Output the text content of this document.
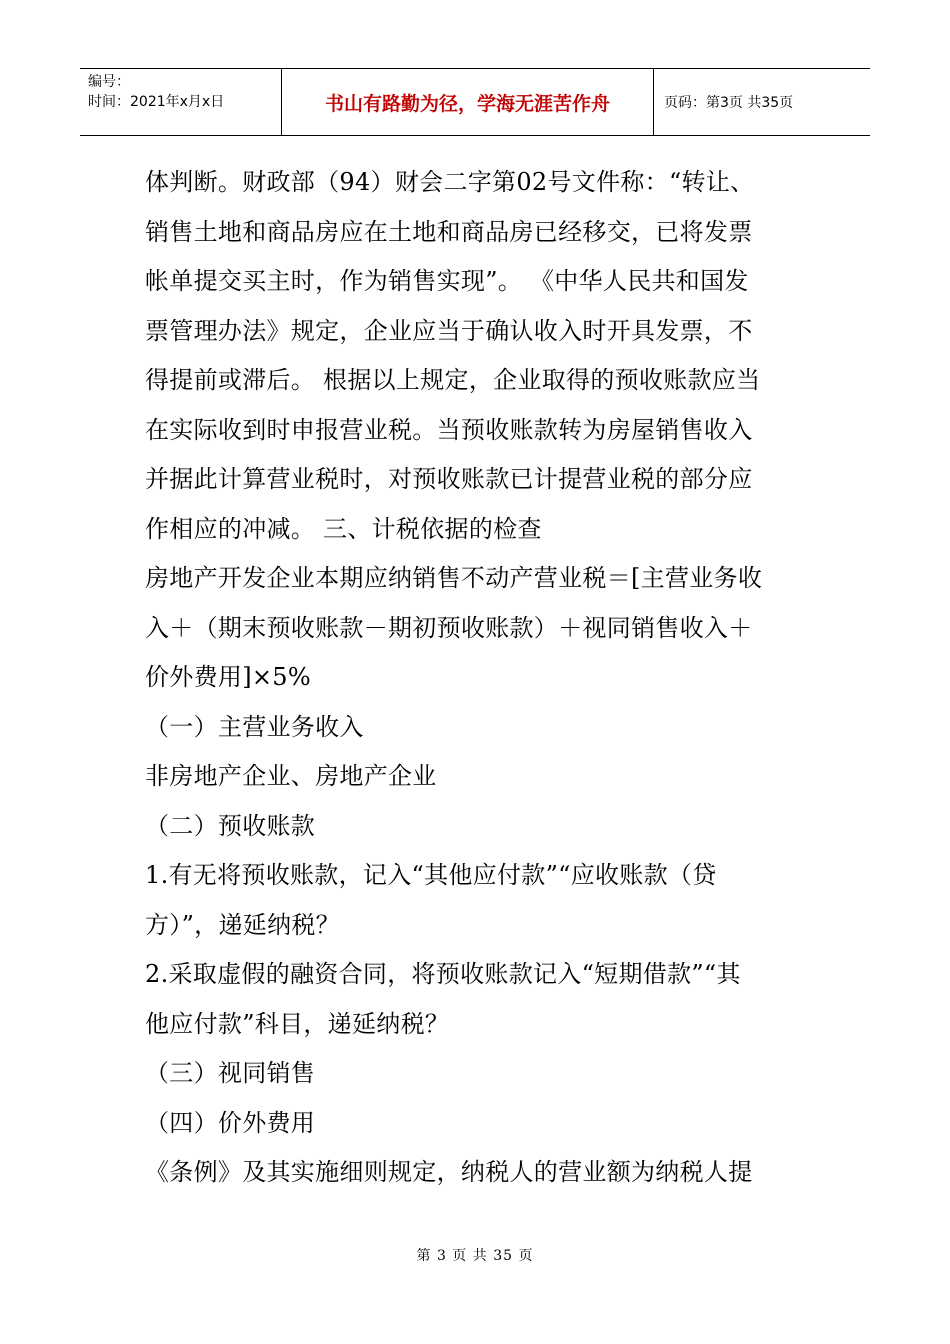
编号：
时间：2021年x月x日	书山有路勤为径，学海无涯苦作舟	页码：第3页 共35页
体判断。财政部（94）财会二字第02号文件称：“转让、
销售土地和商品房应在土地和商品房已经移交，已将发票
帐单提交买主时，作为销售实现”。 《中华人民共和国发
票管理办法》规定，企业应当于确认收入时开具发票，不
得提前或滞后。 根据以上规定，企业取得的预收账款应当
在实际收到时申报营业税。当预收账款转为房屋销售收入
并据此计算营业税时，对预收账款已计提营业税的部分应
作相应的冲减。 三、计税依据的检查
房地产开发企业本期应纳销售不动产营业税＝[主营业务收
入＋（期末预收账款－期初预收账款）＋视同销售收入＋
价外费用]×5%
（一）主营业务收入
非房地产企业、房地产企业
（二）预收账款
1.有无将预收账款，记入“其他应付款”“应收账款（贷
方）”，递延纳税？
2.采取虚假的融资合同，将预收账款记入“短期借款”“其
他应付款”科目，递延纳税？
（三）视同销售
（四）价外费用
《条例》及其实施细则规定，纳税人的营业额为纳税人提
第 3 页 共 35 页
